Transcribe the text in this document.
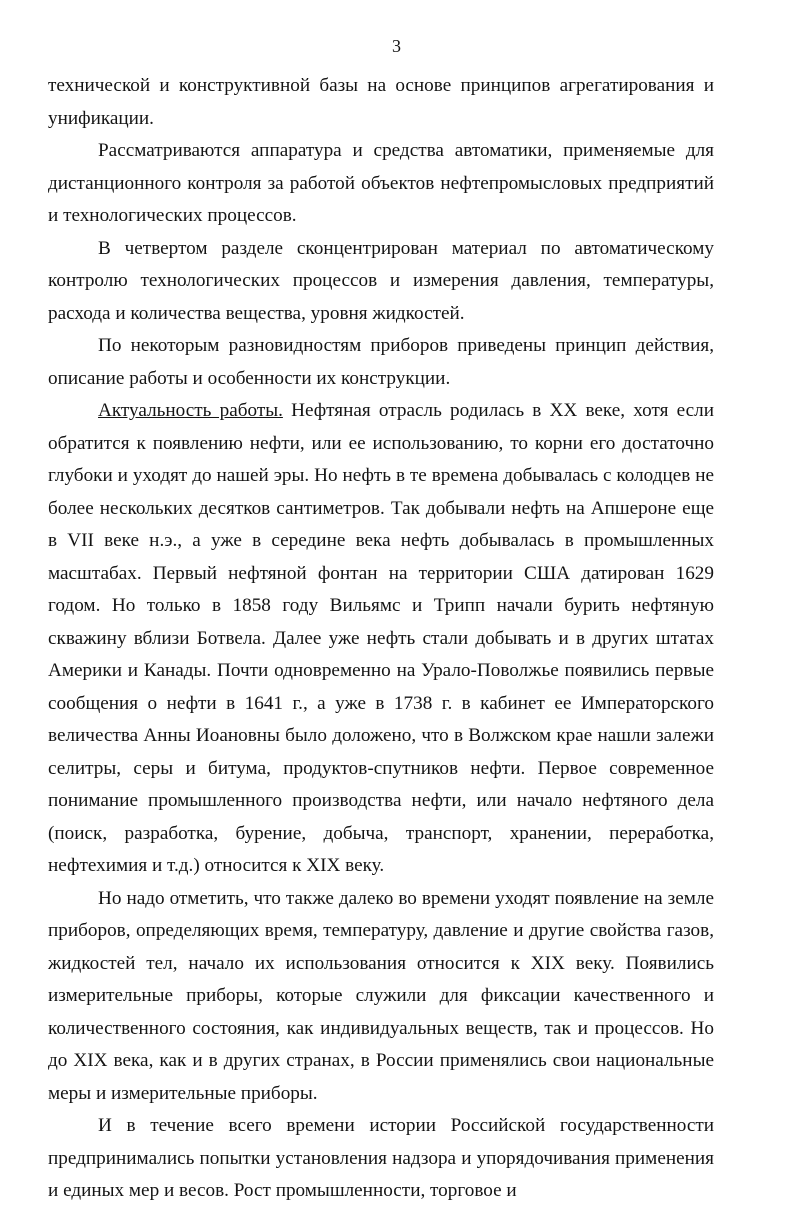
3

технической и конструктивной базы на основе принципов агрегатирования и унификации.

Рассматриваются аппаратура и средства автоматики, применяемые для дистанционного контроля за работой объектов нефтепромысловых предприятий и технологических процессов.

В четвертом разделе сконцентрирован материал по автоматическому контролю технологических процессов и измерения давления, температуры, расхода и количества вещества, уровня жидкостей.

По некоторым разновидностям приборов приведены принцип действия, описание работы и особенности их конструкции.

Актуальность работы. Нефтяная отрасль родилась в XX веке, хотя если обратится к появлению нефти, или ее использованию, то корни его достаточно глубоки и уходят до нашей эры. Но нефть в те времена добывалась с колодцев не более нескольких десятков сантиметров. Так добывали нефть на Апшероне еще в VII веке н.э., а уже в середине века нефть добывалась в промышленных масштабах. Первый нефтяной фонтан на территории США датирован 1629 годом. Но только в 1858 году Вильямс и Трипп начали бурить нефтяную скважину вблизи Ботвела. Далее уже нефть стали добывать и в других штатах Америки и Канады. Почти одновременно на Урало-Поволжье появились первые сообщения о нефти в 1641 г., а уже в 1738 г. в кабинет ее Императорского величества Анны Иоановны было доложено, что в Волжском крае нашли залежи селитры, серы и битума, продуктов-спутников нефти. Первое современное понимание промышленного производства нефти, или начало нефтяного дела (поиск, разработка, бурение, добыча, транспорт, хранении, переработка, нефтехимия и т.д.) относится к XIX веку.

Но надо отметить, что также далеко во времени уходят появление на земле приборов, определяющих время, температуру, давление и другие свойства газов, жидкостей тел, начало их использования относится к XIX веку. Появились измерительные приборы, которые служили для фиксации качественного и количественного состояния, как индивидуальных веществ, так и процессов. Но до XIX века, как и в других странах, в России применялись свои национальные меры и измерительные приборы.

И в течение всего времени истории Российской государственности предпринимались попытки установления надзора и упорядочивания применения и единых мер и весов. Рост промышленности, торговое и
